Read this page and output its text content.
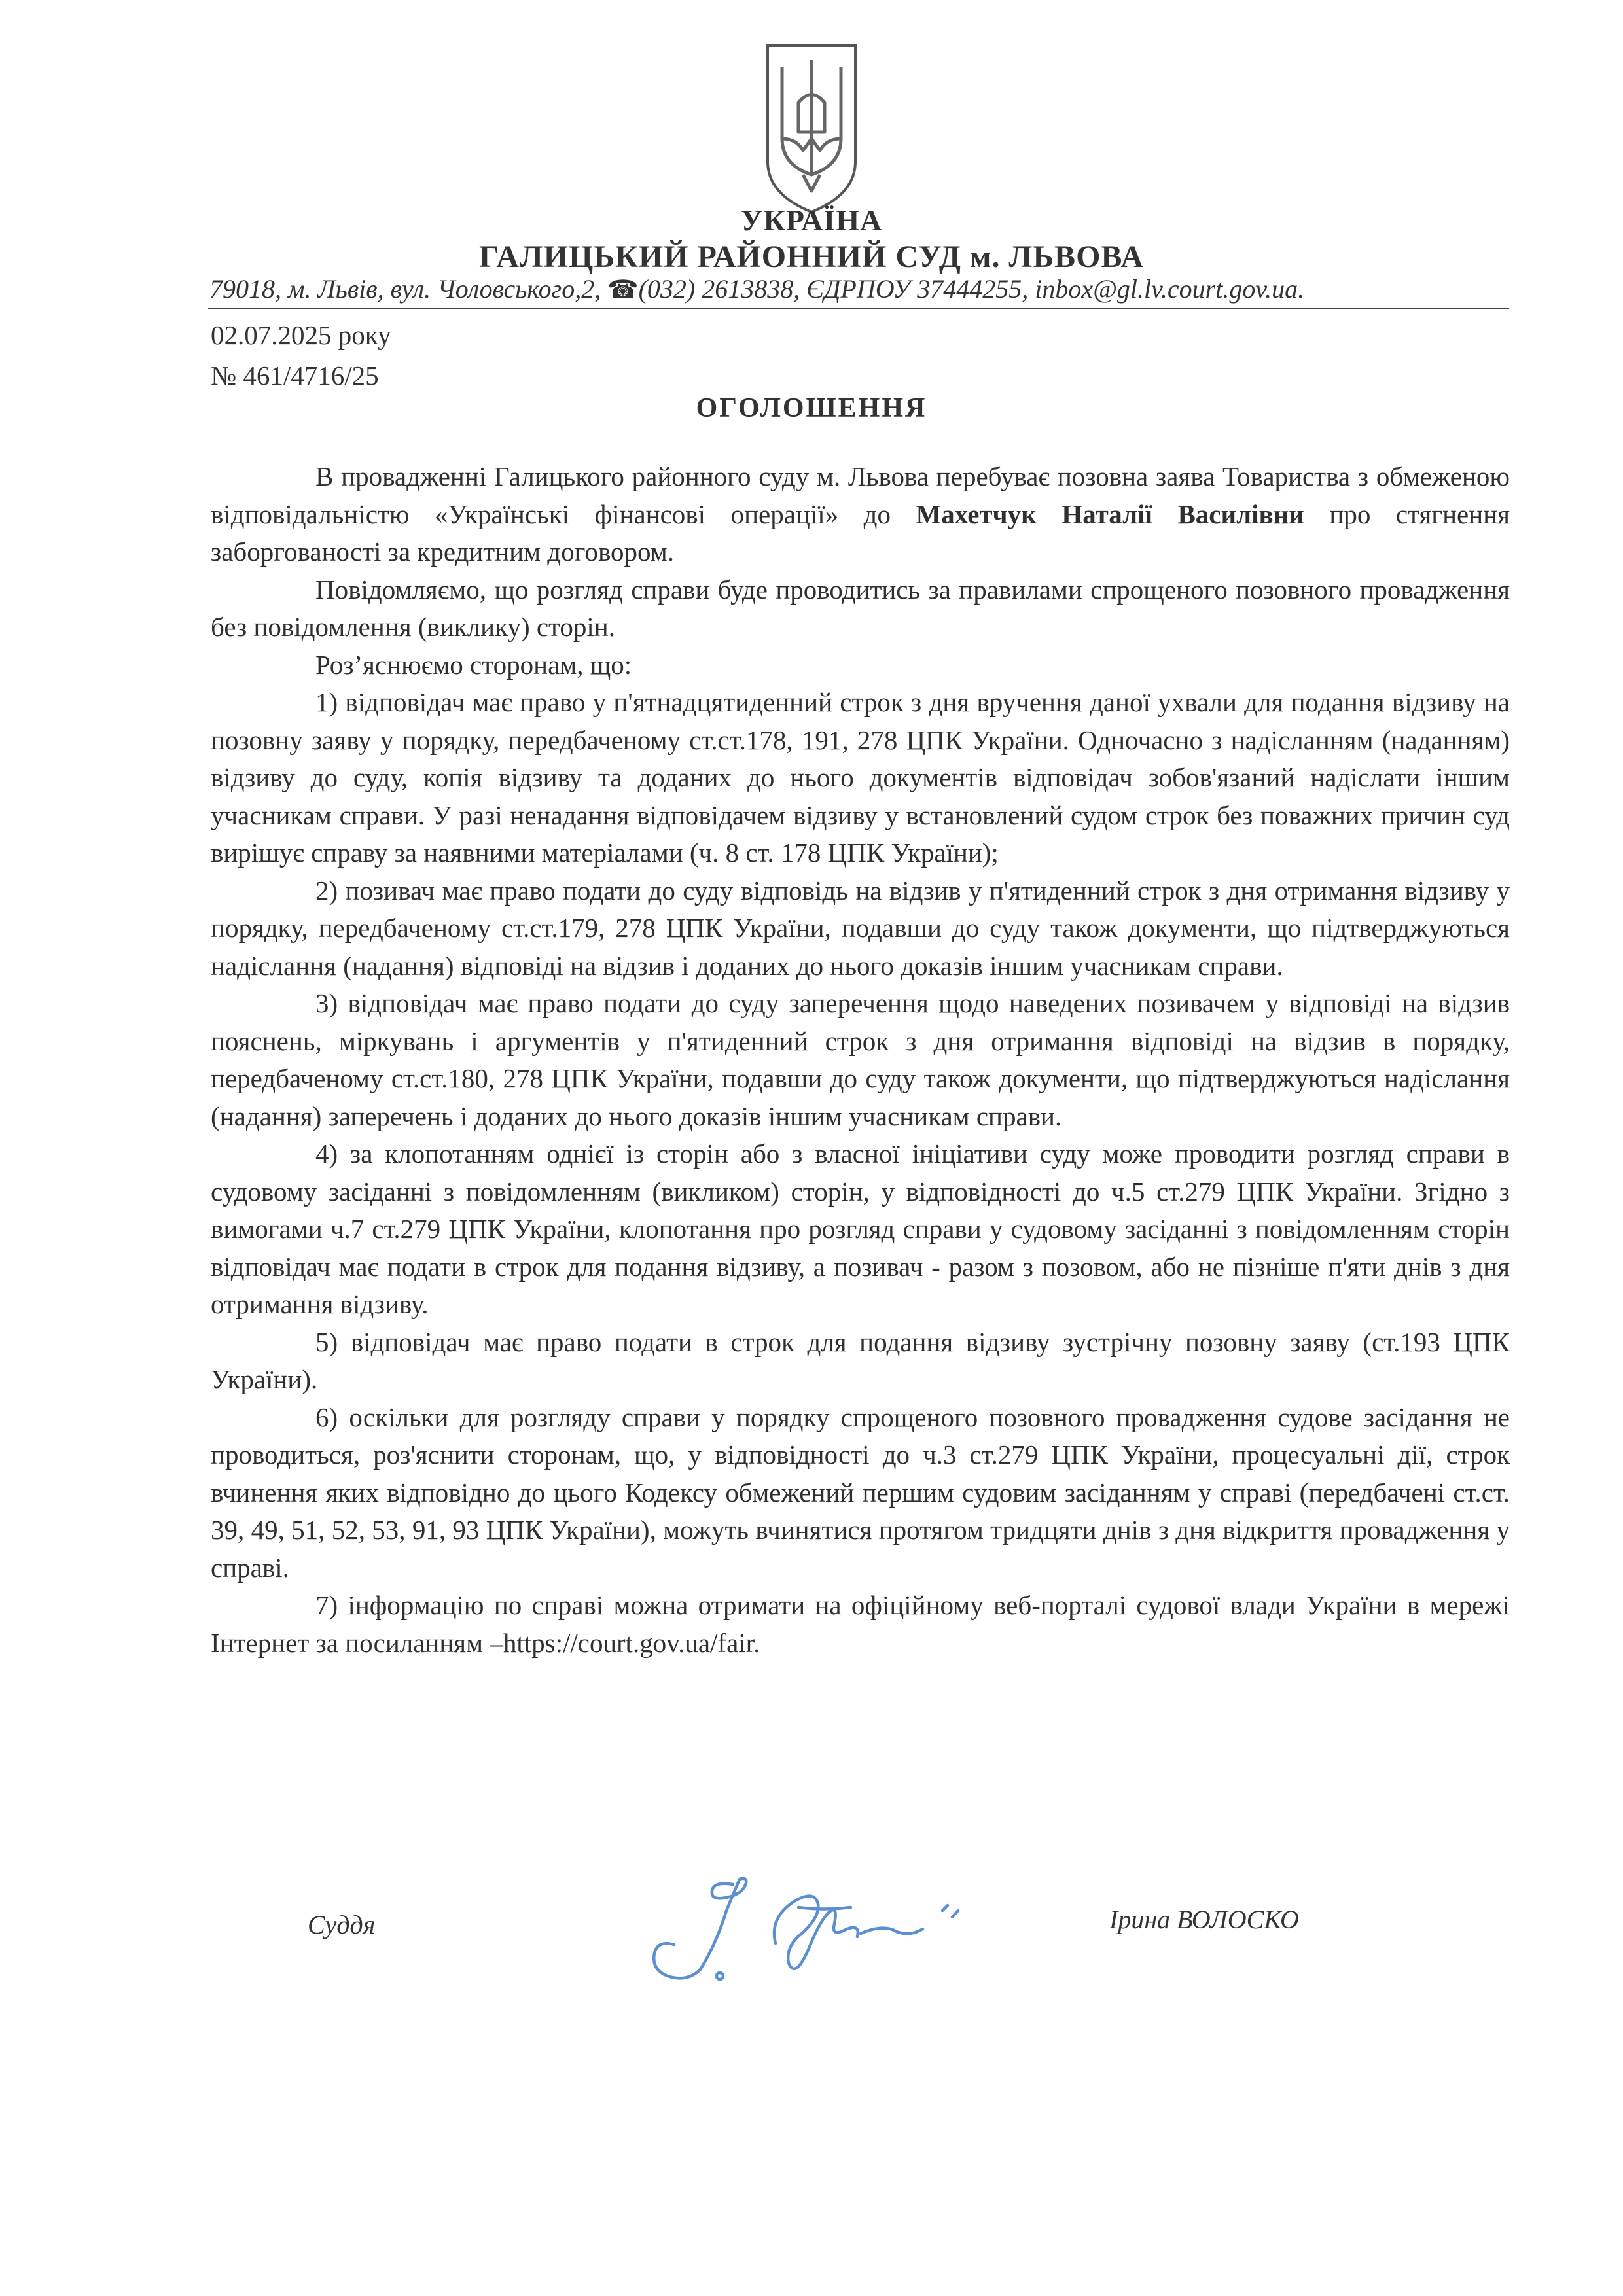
УКРАЇНА
ГАЛИЦЬКИЙ РАЙОННИЙ СУД м. ЛЬВОВА
79018, м. Львів, вул. Чоловського,2, ☎(032) 2613838, ЄДРПОУ 37444255, inbox@gl.lv.court.gov.ua.
02.07.2025 року
№ 461/4716/25
ОГОЛОШЕННЯ

В провадженні Галицького районного суду м. Львова перебуває позовна заява Товариства з обмеженою відповідальністю «Українські фінансові операції» до Махетчук Наталії Василівни про стягнення заборгованості за кредитним договором.

Повідомляємо, що розгляд справи буде проводитись за правилами спрощеного позовного провадження без повідомлення (виклику) сторін.

Роз’яснюємо сторонам, що:

1) відповідач має право у п'ятнадцятиденний строк з дня вручення даної ухвали для подання відзиву на позовну заяву у порядку, передбаченому ст.ст.178, 191, 278 ЦПК України. Одночасно з надісланням (наданням) відзиву до суду, копія відзиву та доданих до нього документів відповідач зобов'язаний надіслати іншим учасникам справи. У разі ненадання відповідачем відзиву у встановлений судом строк без поважних причин суд вирішує справу за наявними матеріалами (ч. 8 ст. 178 ЦПК України);

2) позивач має право подати до суду відповідь на відзив у п'ятиденний строк з дня отримання відзиву у порядку, передбаченому ст.ст.179, 278 ЦПК України, подавши до суду також документи, що підтверджуються надіслання (надання) відповіді на відзив і доданих до нього доказів іншим учасникам справи.

3) відповідач має право подати до суду заперечення щодо наведених позивачем у відповіді на відзив пояснень, міркувань і аргументів у п'ятиденний строк з дня отримання відповіді на відзив в порядку, передбаченому ст.ст.180, 278 ЦПК України, подавши до суду також документи, що підтверджуються надіслання (надання) заперечень і доданих до нього доказів іншим учасникам справи.

4) за клопотанням однієї із сторін або з власної ініціативи суду може проводити розгляд справи в судовому засіданні з повідомленням (викликом) сторін, у відповідності до ч.5 ст.279 ЦПК України. Згідно з вимогами ч.7 ст.279 ЦПК України, клопотання про розгляд справи у судовому засіданні з повідомленням сторін відповідач має подати в строк для подання відзиву, а позивач - разом з позовом, або не пізніше п'яти днів з дня отримання відзиву.

5) відповідач має право подати в строк для подання відзиву зустрічну позовну заяву (ст.193 ЦПК України).

6) оскільки для розгляду справи у порядку спрощеного позовного провадження судове засідання не проводиться, роз'яснити сторонам, що, у відповідності до ч.3 ст.279 ЦПК України, процесуальні дії, строк вчинення яких відповідно до цього Кодексу обмежений першим судовим засіданням у справі (передбачені ст.ст. 39, 49, 51, 52, 53, 91, 93 ЦПК України), можуть вчинятися протягом тридцяти днів з дня відкриття провадження у справі.

7) інформацію по справі можна отримати на офіційному веб-порталі судової влади України в мережі Інтернет за посиланням –https://court.gov.ua/fair.

Суддя	Ірина ВОЛОСКО
